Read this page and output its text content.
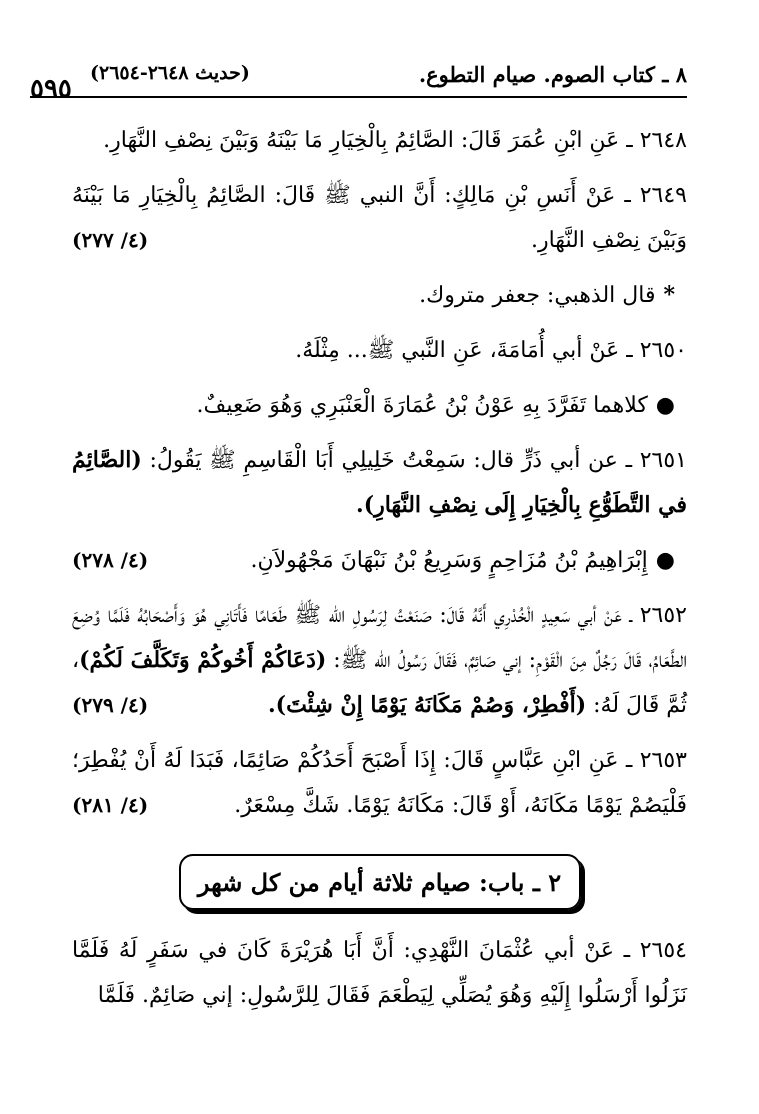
٨ ـ كتاب الصوم. صيام التطوع.
(حديث ٢٦٤٨-٢٦٥٤)
٥٩٥

٢٦٤٨ ـ عَنِ ابْنِ عُمَرَ قَالَ: الصَّائِمُ بِالْخِيَارِ مَا بَيْنَهُ وَبَيْنَ نِصْفِ النَّهَارِ.

٢٦٤٩ ـ عَنْ أَنَسِ بْنِ مَالِكٍ: أَنَّ النبي ﷺ قَالَ: الصَّائِمُ بِالْخِيَارِ مَا بَيْنَهُ وَبَيْنَ نِصْفِ النَّهَارِ.
(٤/ ٢٧٧)

*قال الذهبي: جعفر متروك.

٢٦٥٠ ـ عَنْ أبي أُمَامَةَ، عَنِ النَّبي ﷺ... مِثْلَهُ.

●كلاهما تَفَرَّدَ بِهِ عَوْنُ بْنُ عُمَارَةَ الْعَنْبَرِي وَهُوَ ضَعِيفٌ.

٢٦٥١ ـ عن أبي ذَرٍّ قال: سَمِعْتُ خَلِيلِي أَبَا الْقَاسِمِ ﷺ يَقُولُ: (الصَّائِمُ في التَّطَوُّعِ بِالْخِيَارِ إِلَى نِصْفِ النَّهَارِ).

●إِبْرَاهِيمُ بْنُ مُزَاحِمٍ وَسَرِيعُ بْنُ نَبْهَانَ مَجْهُولاَنِ.
(٤/ ٢٧٨)

٢٦٥٢ ـ عَنْ أبي سَعِيدٍ الْخُدْرِي أَنَّهُ قَالَ: صَنَعْتُ لِرَسُولِ الله ﷺ طَعَامًا فَأَتَانِي هُوَ وَأَصْحَابُهُ فَلَمَّا وُضِعَ الطَّعَامُ، قَالَ رَجُلٌ مِنَ الْقَوْمِ: إني صَائِمٌ، فَقَالَ رَسُولُ الله ﷺ: (دَعَاكُمْ أَخُوكُمْ وَتَكَلَّفَ لَكُمْ)، ثُمَّ قَالَ لَهُ: (أَفْطِرْ، وَصُمْ مَكَانَهُ يَوْمًا إِنْ شِئْتَ).
(٤/ ٢٧٩)

٢٦٥٣ ـ عَنِ ابْنِ عَبَّاسٍ قَالَ: إِذَا أَصْبَحَ أَحَدُكُمْ صَائِمًا، فَبَدَا لَهُ أَنْ يُفْطِرَ؛ فَلْيَصُمْ يَوْمًا مَكَانَهُ، أَوْ قَالَ: مَكَانَهُ يَوْمًا. شَكَّ مِسْعَرٌ.
(٤/ ٢٨١)

٢ ـ باب: صيام ثلاثة أيام من كل شهر

٢٦٥٤ ـ عَنْ أبي عُثْمَانَ النَّهْدِي: أَنَّ أَبَا هُرَيْرَةَ كَانَ في سَفَرٍ لَهُ فَلَمَّا نَزَلُوا أَرْسَلُوا إِلَيْهِ وَهُوَ يُصَلِّي لِيَطْعَمَ فَقَالَ لِلرَّسُولِ: إني صَائِمٌ. فَلَمَّا
